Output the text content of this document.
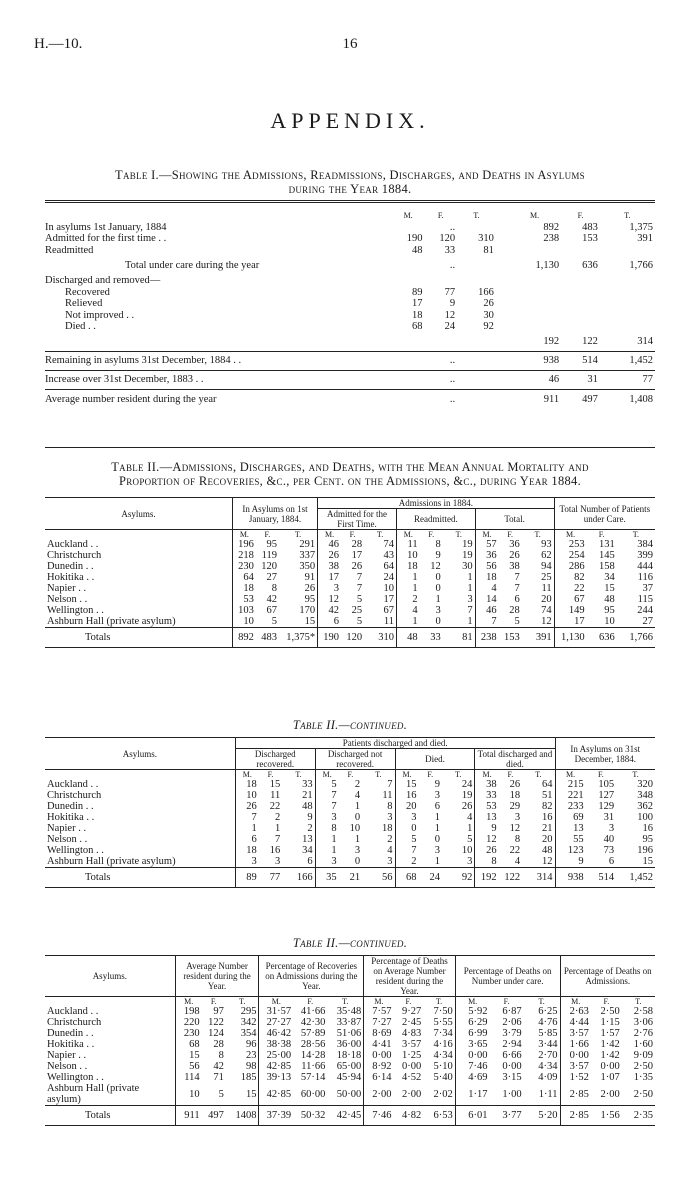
H.—10.	16
APPENDIX.
Table I.—Showing the Admissions, Readmissions, Discharges, and Deaths in Asylums
during the Year 1884.
	M.	F.	T.		M.	F.	T.
In asylums 1st January, 1884		..			892	483	1,375
Admitted for the first time . .	190	120	310		238	153	391
Readmitted	48	33	81				
Total under care during the year		..			1,130	636	1,766
Discharged and removed—							
Recovered	89	77	166				
Relieved	17	9	26				
Not improved . .	18	12	30				
Died . .	68	24	92				
					192	122	314
Remaining in asylums 31st December, 1884 . .		..			938	514	1,452
Increase over 31st December, 1883 . .		..			46	31	77
Average number resident during the year		..			911	497	1,408
Table II.—Admissions, Discharges, and Deaths, with the Mean Annual Mortality and
Proportion of Recoveries, &c., per Cent. on the Admissions, &c., during Year 1884.
Asylums.	In Asylums on 1st January, 1884.			Admissions in 1884.									Total Number of Patients under Care.		
				Admitted for the First Time.			Readmitted.			Total.					
	M.	F.	T.	M.	F.	T.	M.	F.	T.	M.	F.	T.	M.	F.	T.
Auckland . .	196	95	291	46	28	74	11	8	19	57	36	93	253	131	384
Christchurch	218	119	337	26	17	43	10	9	19	36	26	62	254	145	399
Dunedin . .	230	120	350	38	26	64	18	12	30	56	38	94	286	158	444
Hokitika . .	64	27	91	17	7	24	1	0	1	18	7	25	82	34	116
Napier . .	18	8	26	3	7	10	1	0	1	4	7	11	22	15	37
Nelson . .	53	42	95	12	5	17	2	1	3	14	6	20	67	48	115
Wellington . .	103	67	170	42	25	67	4	3	7	46	28	74	149	95	244
Ashburn Hall (private asylum)	10	5	15	6	5	11	1	0	1	7	5	12	17	10	27
Totals	892	483	1,375*	190	120	310	48	33	81	238	153	391	1,130	636	1,766
Table II.—continued.
Asylums.	Patients discharged and died.												In Asylums on 31st December, 1884.		
	Discharged recovered.			Discharged not recovered.			Died.			Total discharged and died.					
	M.	F.	T.	M.	F.	T.	M.	F.	T.	M.	F.	T.	M.	F.	T.
Auckland . .	18	15	33	5	2	7	15	9	24	38	26	64	215	105	320
Christchurch	10	11	21	7	4	11	16	3	19	33	18	51	221	127	348
Dunedin . .	26	22	48	7	1	8	20	6	26	53	29	82	233	129	362
Hokitika . .	7	2	9	3	0	3	3	1	4	13	3	16	69	31	100
Napier . .	1	1	2	8	10	18	0	1	1	9	12	21	13	3	16
Nelson . .	6	7	13	1	1	2	5	0	5	12	8	20	55	40	95
Wellington . .	18	16	34	1	3	4	7	3	10	26	22	48	123	73	196
Ashburn Hall (private asylum)	3	3	6	3	0	3	2	1	3	8	4	12	9	6	15
Totals	89	77	166	35	21	56	68	24	92	192	122	314	938	514	1,452
Table II.—continued.
Asylums.	Average Number resident during the Year.			Percentage of Recoveries on Admissions during the Year.			Percentage of Deaths on Average Number resident during the Year.			Percentage of Deaths on Number under care.			Percentage of Deaths on Admissions.		
	M.	F.	T.	M.	F.	T.	M.	F.	T.	M.	F.	T.	M.	F.	T.
Auckland . .	198	97	295	31·57	41·66	35·48	7·57	9·27	7·50	5·92	6·87	6·25	2·63	2·50	2·58
Christchurch	220	122	342	27·27	42·30	33·87	7·27	2·45	5·55	6·29	2·06	4·76	4·44	1·15	3·06
Dunedin . .	230	124	354	46·42	57·89	51·06	8·69	4·83	7·34	6·99	3·79	5·85	3·57	1·57	2·76
Hokitika . .	68	28	96	38·38	28·56	36·00	4·41	3·57	4·16	3·65	2·94	3·44	1·66	1·42	1·60
Napier . .	15	8	23	25·00	14·28	18·18	0·00	1·25	4·34	0·00	6·66	2·70	0·00	1·42	9·09
Nelson . .	56	42	98	42·85	11·66	65·00	8·92	0·00	5·10	7·46	0·00	4·34	3·57	0·00	2·50
Wellington . .	114	71	185	39·13	57·14	45·94	6·14	4·52	5·40	4·69	3·15	4·09	1·52	1·07	1·35
Ashburn Hall (private asylum)	10	5	15	42·85	60·00	50·00	2·00	2·00	2·02	1·17	1·00	1·11	2·85	2·00	2·50
Totals	911	497	1408	37·39	50·32	42·45	7·46	4·82	6·53	6·01	3·77	5·20	2·85	1·56	2·35
